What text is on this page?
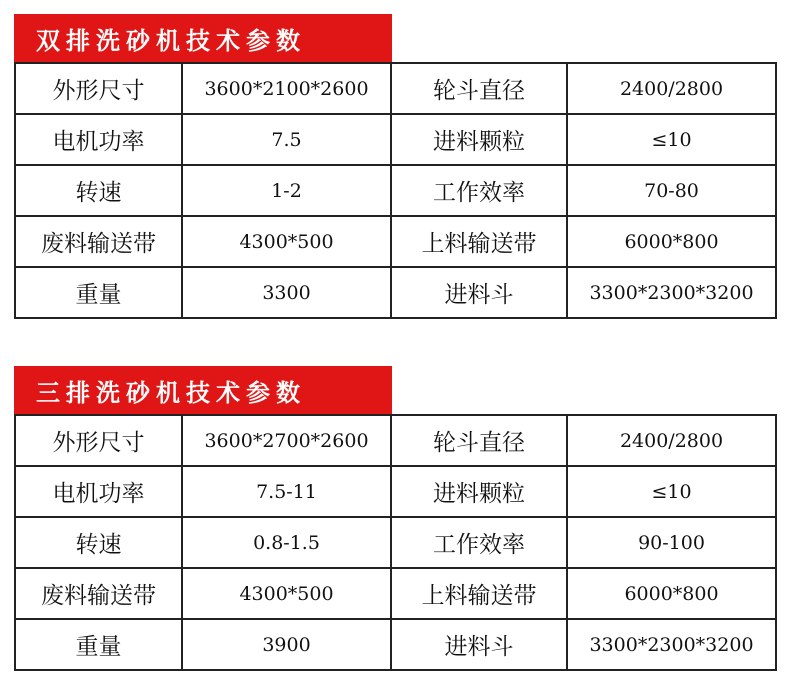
双排洗砂机技术参数
外形尺寸	3600*2100*2600	轮斗直径	2400/2800
电机功率	7.5	进料颗粒	≤10
转速	1-2	工作效率	70-80
废料输送带	4300*500	上料输送带	6000*800
重量	3300	进料斗	3300*2300*3200
三排洗砂机技术参数
外形尺寸	3600*2700*2600	轮斗直径	2400/2800
电机功率	7.5-11	进料颗粒	≤10
转速	0.8-1.5	工作效率	90-100
废料输送带	4300*500	上料输送带	6000*800
重量	3900	进料斗	3300*2300*3200
